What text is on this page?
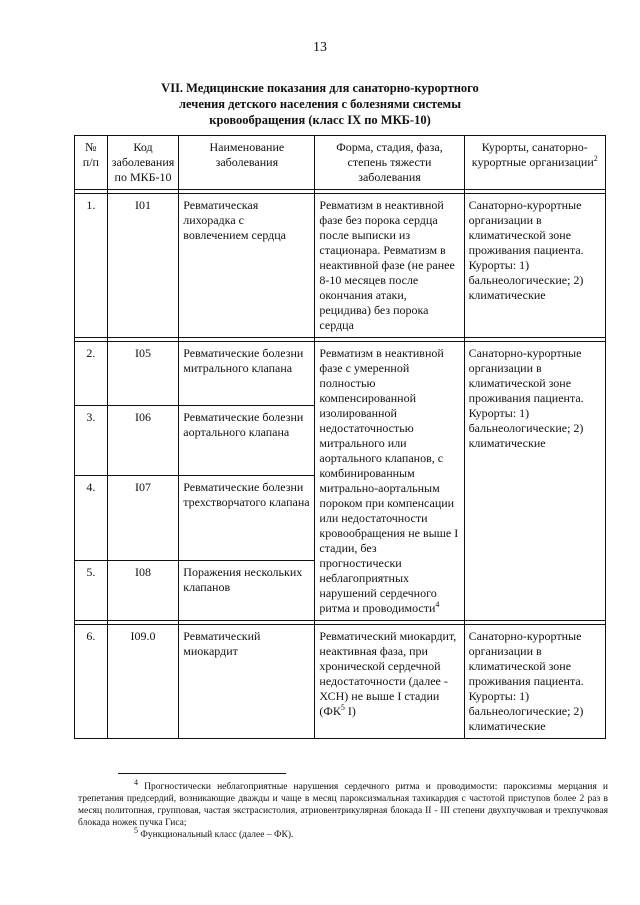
13
VII. Медицинские показания для санаторно-курортного
лечения детского населения с болезнями системы
кровообращения (класс IX по МКБ-10)
№ п/п	Код заболевания по МКБ-10	Наименование заболевания	Форма, стадия, фаза, степень тяжести заболевания	Курорты, санаторно-курортные организации$^2$

1.	I01	Ревматическая лихорадка с вовлечением сердца	Ревматизм в неактивной фазе без порока сердца после выписки из стационара. Ревматизм в неактивной фазе (не ранее 8-10 месяцев после окончания атаки, рецидива) без порока сердца	Санаторно-курортные организации в климатической зоне проживания пациента. Курорты: 1) бальнеологические; 2) климатические

2.	I05	Ревматические болезни митрального клапана	Ревматизм в неактивной фазе с умеренной полностью компенсированной изолированной недостаточностью митрального или аортального клапанов, с комбинированным митрально-аортальным пороком при компенсации или недостаточности кровообращения не выше I стадии, без прогностически неблагоприятных нарушений сердечного ритма и проводимости$^4$	Санаторно-курортные организации в климатической зоне проживания пациента. Курорты: 1) бальнеологические; 2) климатические
3.	I06	Ревматические болезни аортального клапана		
4.	I07	Ревматические болезни трехстворчатого клапана		
5.	I08	Поражения нескольких клапанов		

6.	I09.0	Ревматический миокардит	Ревматический миокардит, неактивная фаза, при хронической сердечной недостаточности (далее - ХСН) не выше I стадии ($ФК^5$ I)	Санаторно-курортные организации в климатической зоне проживания пациента. Курорты: 1) бальнеологические; 2) климатические

$^4$ Прогностически неблагоприятные нарушения сердечного ритма и проводимости: пароксизмы мерцания и трепетания предсердий, возникающие дважды и чаще в месяц пароксизмальная тахикардия с частотой приступов более 2 раз в месяц политопная, групповая, частая экстрасистолия, атриовентрикулярная блокада II - III степени двухпучковая и трехпучковая блокада ножек пучка Гиса;

$^5$ Функциональный класс (далее – ФК).
